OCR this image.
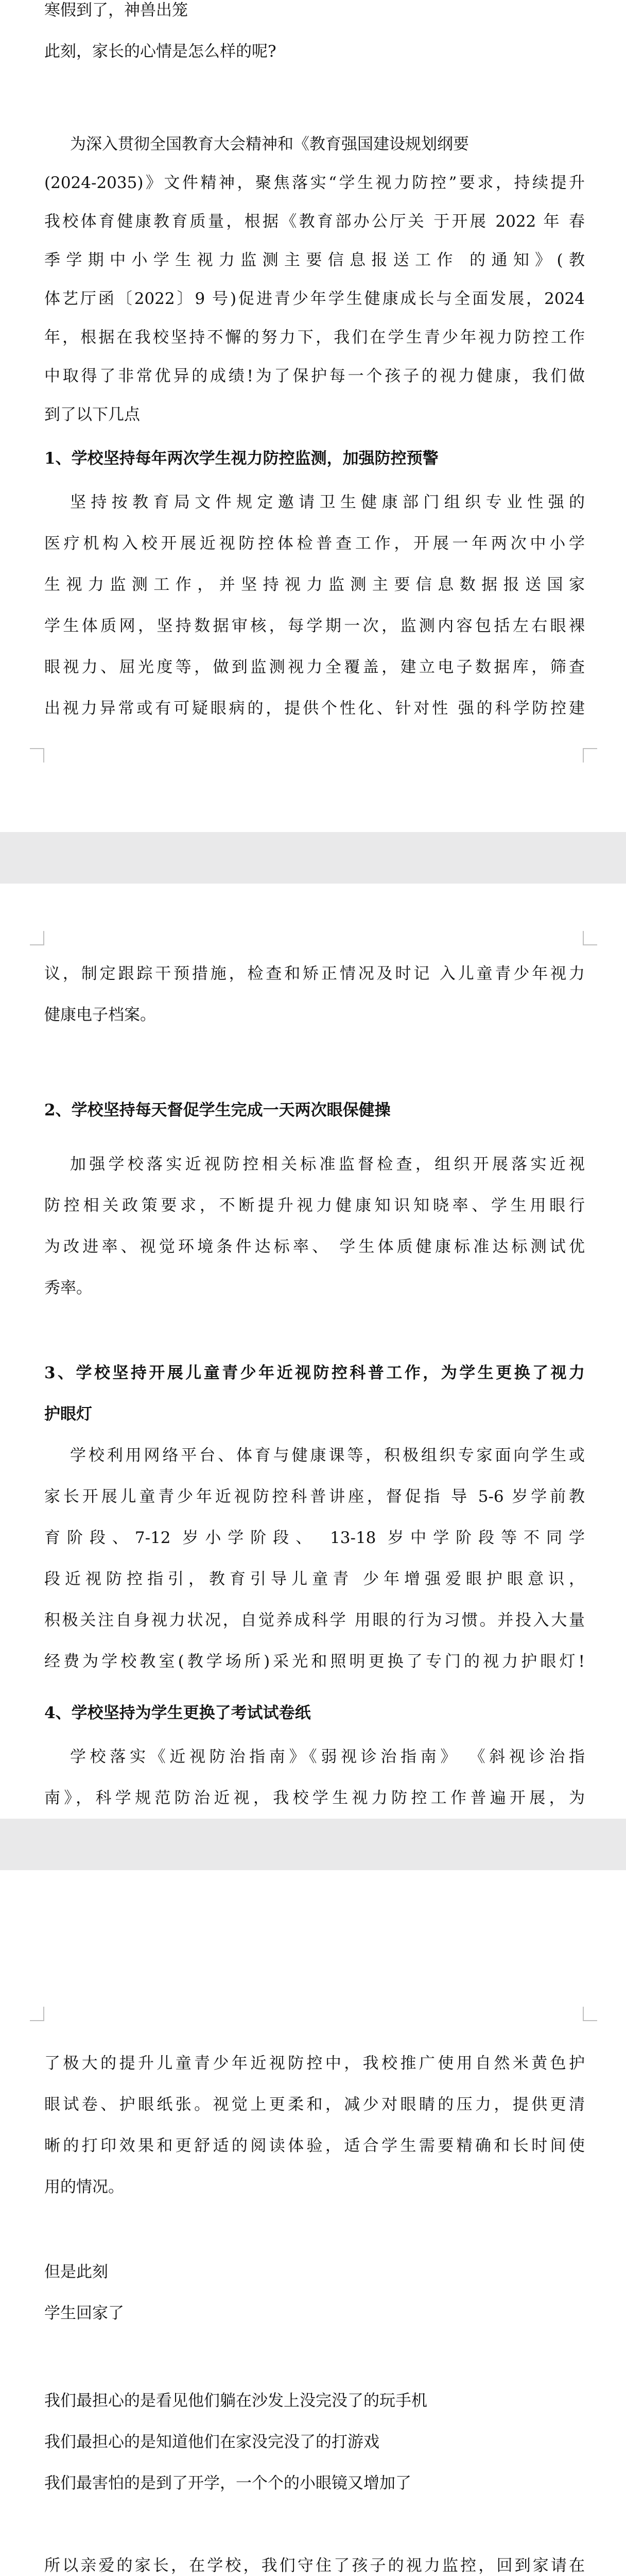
寒假到了，神兽出笼
此刻，家长的心情是怎么样的呢?
为深入贯彻全国教育大会精神和《教育强国建设规划纲要
(2024-2035)》文件精神，聚焦落实“学生视力防控”要求，持续提升
我校体育健康教育质量，根据《教育部办公厅关 于开展 2022 年 春
季学期中小学生视力监测主要信息报送工作 的通知》(教
体艺厅函〔2022〕9 号)促进青少年学生健康成长与全面发展，2024
年，根据在我校坚持不懈的努力下，我们在学生青少年视力防控工作
中取得了非常优异的成绩!为了保护每一个孩子的视力健康，我们做
到了以下几点
1、学校坚持每年两次学生视力防控监测，加强防控预警
坚持按教育局文件规定邀请卫生健康部门组织专业性强的
医疗机构入校开展近视防控体检普查工作，开展一年两次中小学
生视力监测工作，并坚持视力监测主要信息数据报送国家
学生体质网，坚持数据审核，每学期一次，监测内容包括左右眼裸
眼视力、屈光度等，做到监测视力全覆盖，建立电子数据库，筛查
出视力异常或有可疑眼病的，提供个性化、针对性 强的科学防控建
议，制定跟踪干预措施，检查和矫正情况及时记 入儿童青少年视力
健康电子档案。
2、学校坚持每天督促学生完成一天两次眼保健操
加强学校落实近视防控相关标准监督检查，组织开展落实近视
防控相关政策要求，不断提升视力健康知识知晓率、学生用眼行
为改进率、视觉环境条件达标率、 学生体质健康标准达标测试优
秀率。
3、学校坚持开展儿童青少年近视防控科普工作，为学生更换了视力
护眼灯
学校利用网络平台、体育与健康课等，积极组织专家面向学生或
家长开展儿童青少年近视防控科普讲座，督促指 导 5-6 岁学前教
育阶段、7-12 岁小学阶段、 13-18 岁中学阶段等不同学
段近视防控指引，教育引导儿童青 少年增强爱眼护眼意识，
积极关注自身视力状况，自觉养成科学 用眼的行为习惯。并投入大量
经费为学校教室(教学场所)采光和照明更换了专门的视力护眼灯!
4、学校坚持为学生更换了考试试卷纸
学校落实《近视防治指南》《弱视诊治指南》 《斜视诊治指
南》，科学规范防治近视，我校学生视力防控工作普遍开展，为
了极大的提升儿童青少年近视防控中，我校推广使用自然米黄色护
眼试卷、护眼纸张。视觉上更柔和，减少对眼睛的压力，提供更清
晰的打印效果和更舒适的阅读体验，适合学生需要精确和长时间使
用的情况。
但是此刻
学生回家了
我们最担心的是看见他们躺在沙发上没完没了的玩手机
我们最担心的是知道他们在家没完没了的打游戏
我们最害怕的是到了开学，一个个的小眼镜又增加了
所以亲爱的家长，在学校，我们守住了孩子的视力监控，回到家请在
